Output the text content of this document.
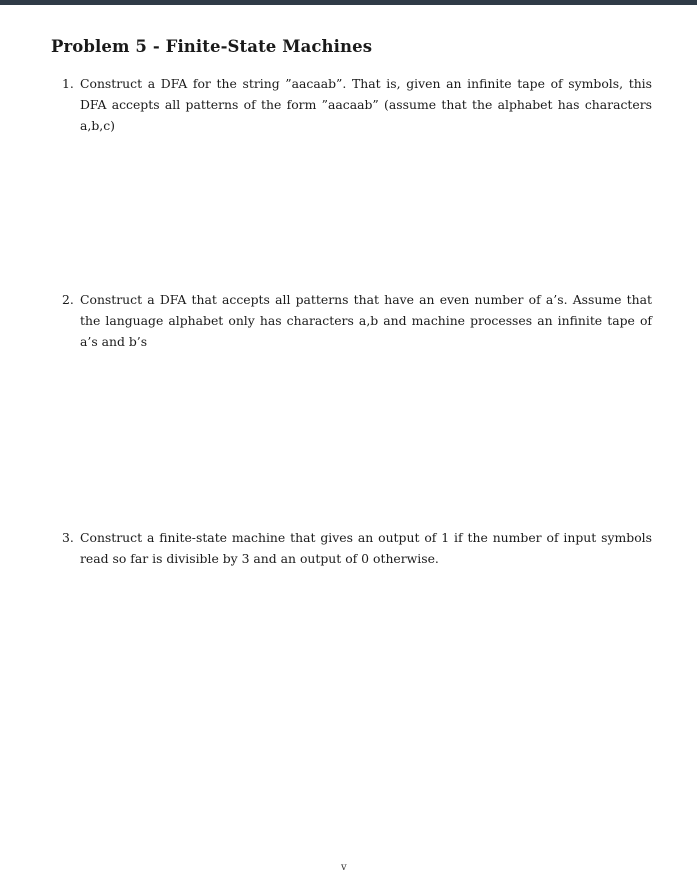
Problem 5 - Finite-State Machines
1. Construct a DFA for the string ”aacaab”. That is, given an infinite tape of symbols, this DFA accepts all patterns of the form ”aacaab” (assume that the alphabet has characters a,b,c)
2. Construct a DFA that accepts all patterns that have an even number of a’s. Assume that the language alphabet only has characters a,b and machine processes an infinite tape of a’s and b’s
3. Construct a finite-state machine that gives an output of 1 if the number of input symbols read so far is divisible by 3 and an output of 0 otherwise.
v
